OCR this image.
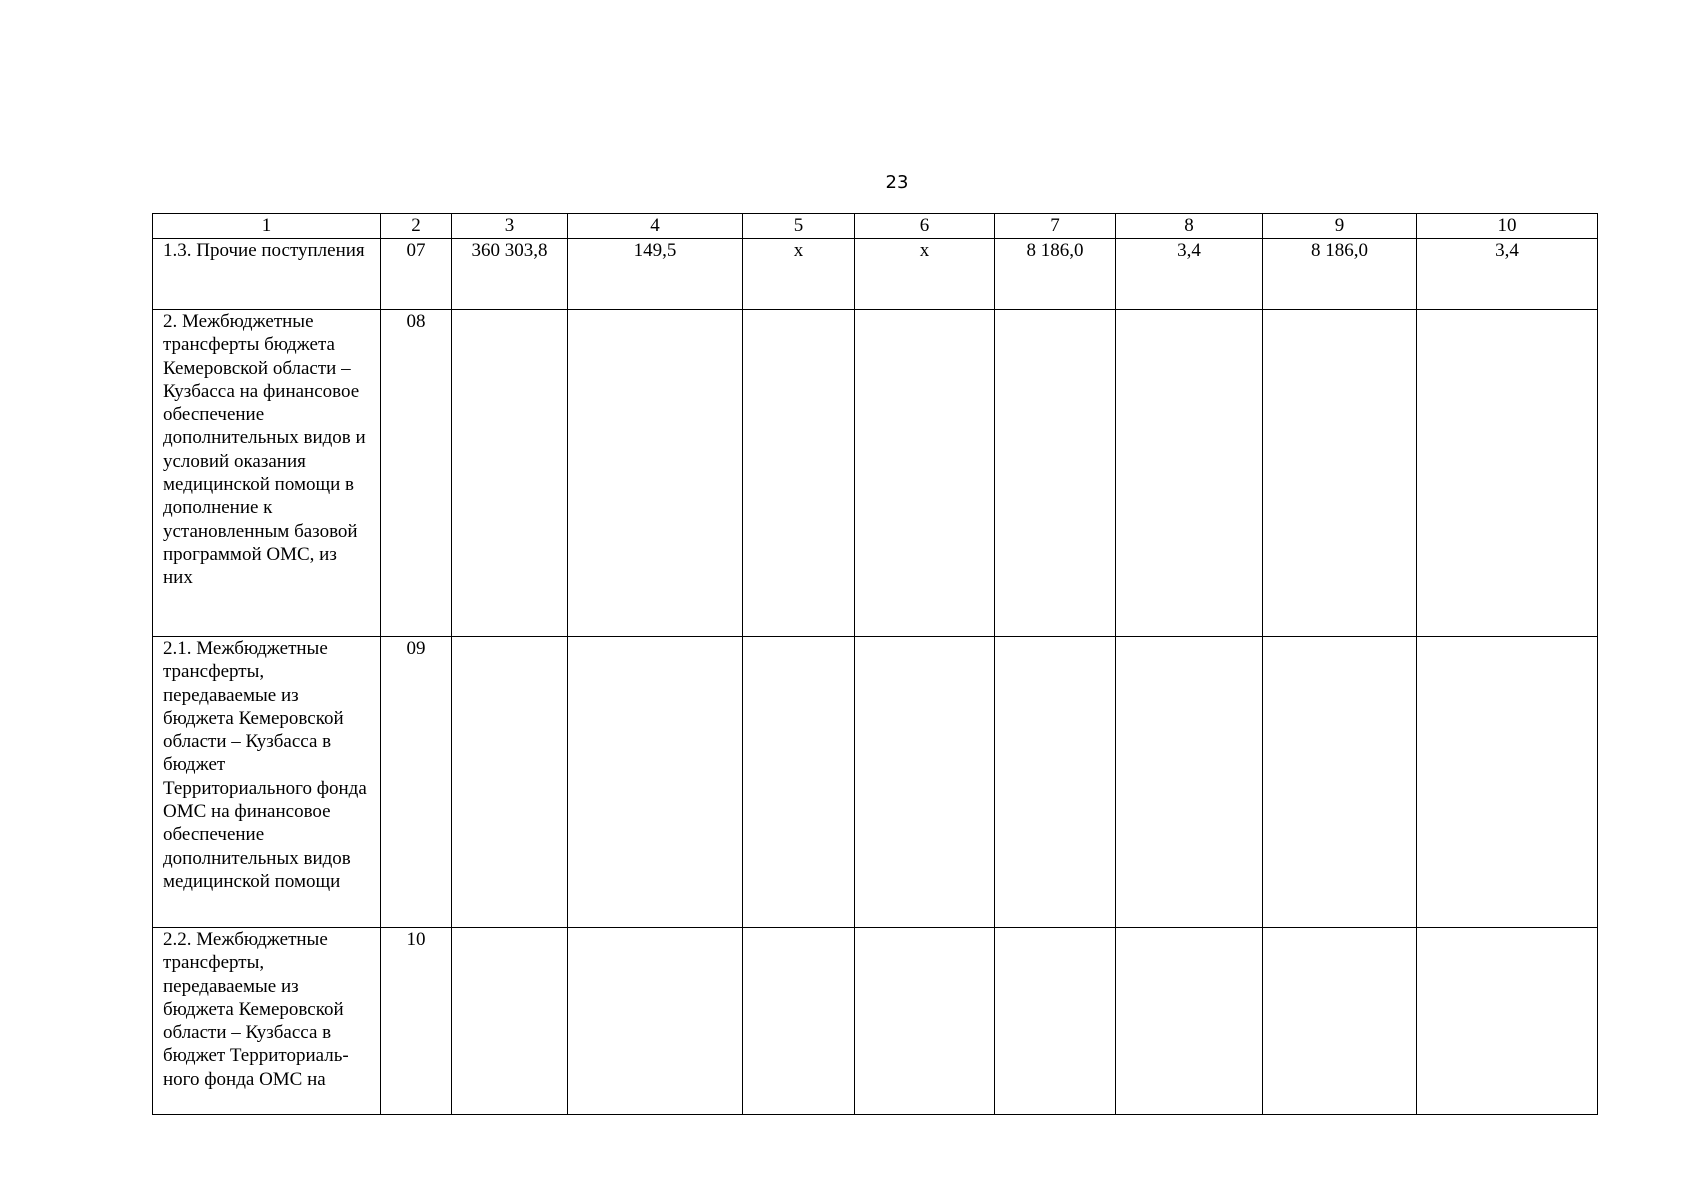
23
1	2	3	4	5	6	7	8	9	10
1.3. Прочие поступления	07	360 303,8	149,5	х	х	8 186,0	3,4	8 186,0	3,4
2. Межбюджетные трансферты бюджета Кемеровской области – Кузбасса на финансовое обеспечение дополнительных видов и условий оказания медицинской помощи в дополнение к установленным базовой программой ОМС, из них	08								
2.1. Межбюджетные трансферты, передаваемые из бюджета Кемеровской области – Кузбасса в бюджет Территориального фонда ОМС на финансовое обеспечение дополнительных видов медицинской помощи	09								
2.2. Межбюджетные трансферты, передаваемые из бюджета Кемеровской области – Кузбасса в бюджет Территориаль-ного фонда ОМС на	10								
